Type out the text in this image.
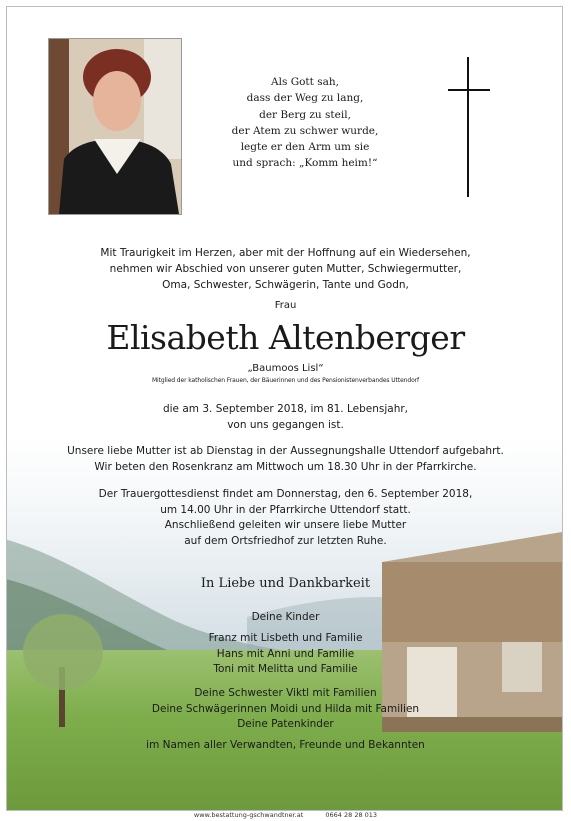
Als Gott sah,
dass der Weg zu lang,
der Berg zu steil,
der Atem zu schwer wurde,
legte er den Arm um sie
und sprach: „Komm heim!“
Mit Traurigkeit im Herzen, aber mit der Hoffnung auf ein Wiedersehen,
nehmen wir Abschied von unserer guten Mutter, Schwiegermutter,
Oma, Schwester, Schwägerin, Tante und Godn,
Frau
Elisabeth Altenberger
„Baumoos Lisl“
Mitglied der katholischen Frauen, der Bäuerinnen und des Pensionistenverbandes Uttendorf
die am 3. September 2018, im 81. Lebensjahr,
von uns gegangen ist.
Unsere liebe Mutter ist ab Dienstag in der Aussegnungshalle Uttendorf aufgebahrt.
Wir beten den Rosenkranz am Mittwoch um 18.30 Uhr in der Pfarrkirche.
Der Trauergottesdienst findet am Donnerstag, den 6. September 2018,
um 14.00 Uhr in der Pfarrkirche Uttendorf statt.
Anschließend geleiten wir unsere liebe Mutter
auf dem Ortsfriedhof zur letzten Ruhe.
In Liebe und Dankbarkeit
Deine Kinder
Franz mit Lisbeth und Familie
Hans mit Anni und Familie
Toni mit Melitta und Familie
Deine Schwester Viktl mit Familien
Deine Schwägerinnen Moidi und Hilda mit Familien
Deine Patenkinder
im Namen aller Verwandten, Freunde und Bekannten
www.bestattung-gschwandtner.at	0664 28 28 013
